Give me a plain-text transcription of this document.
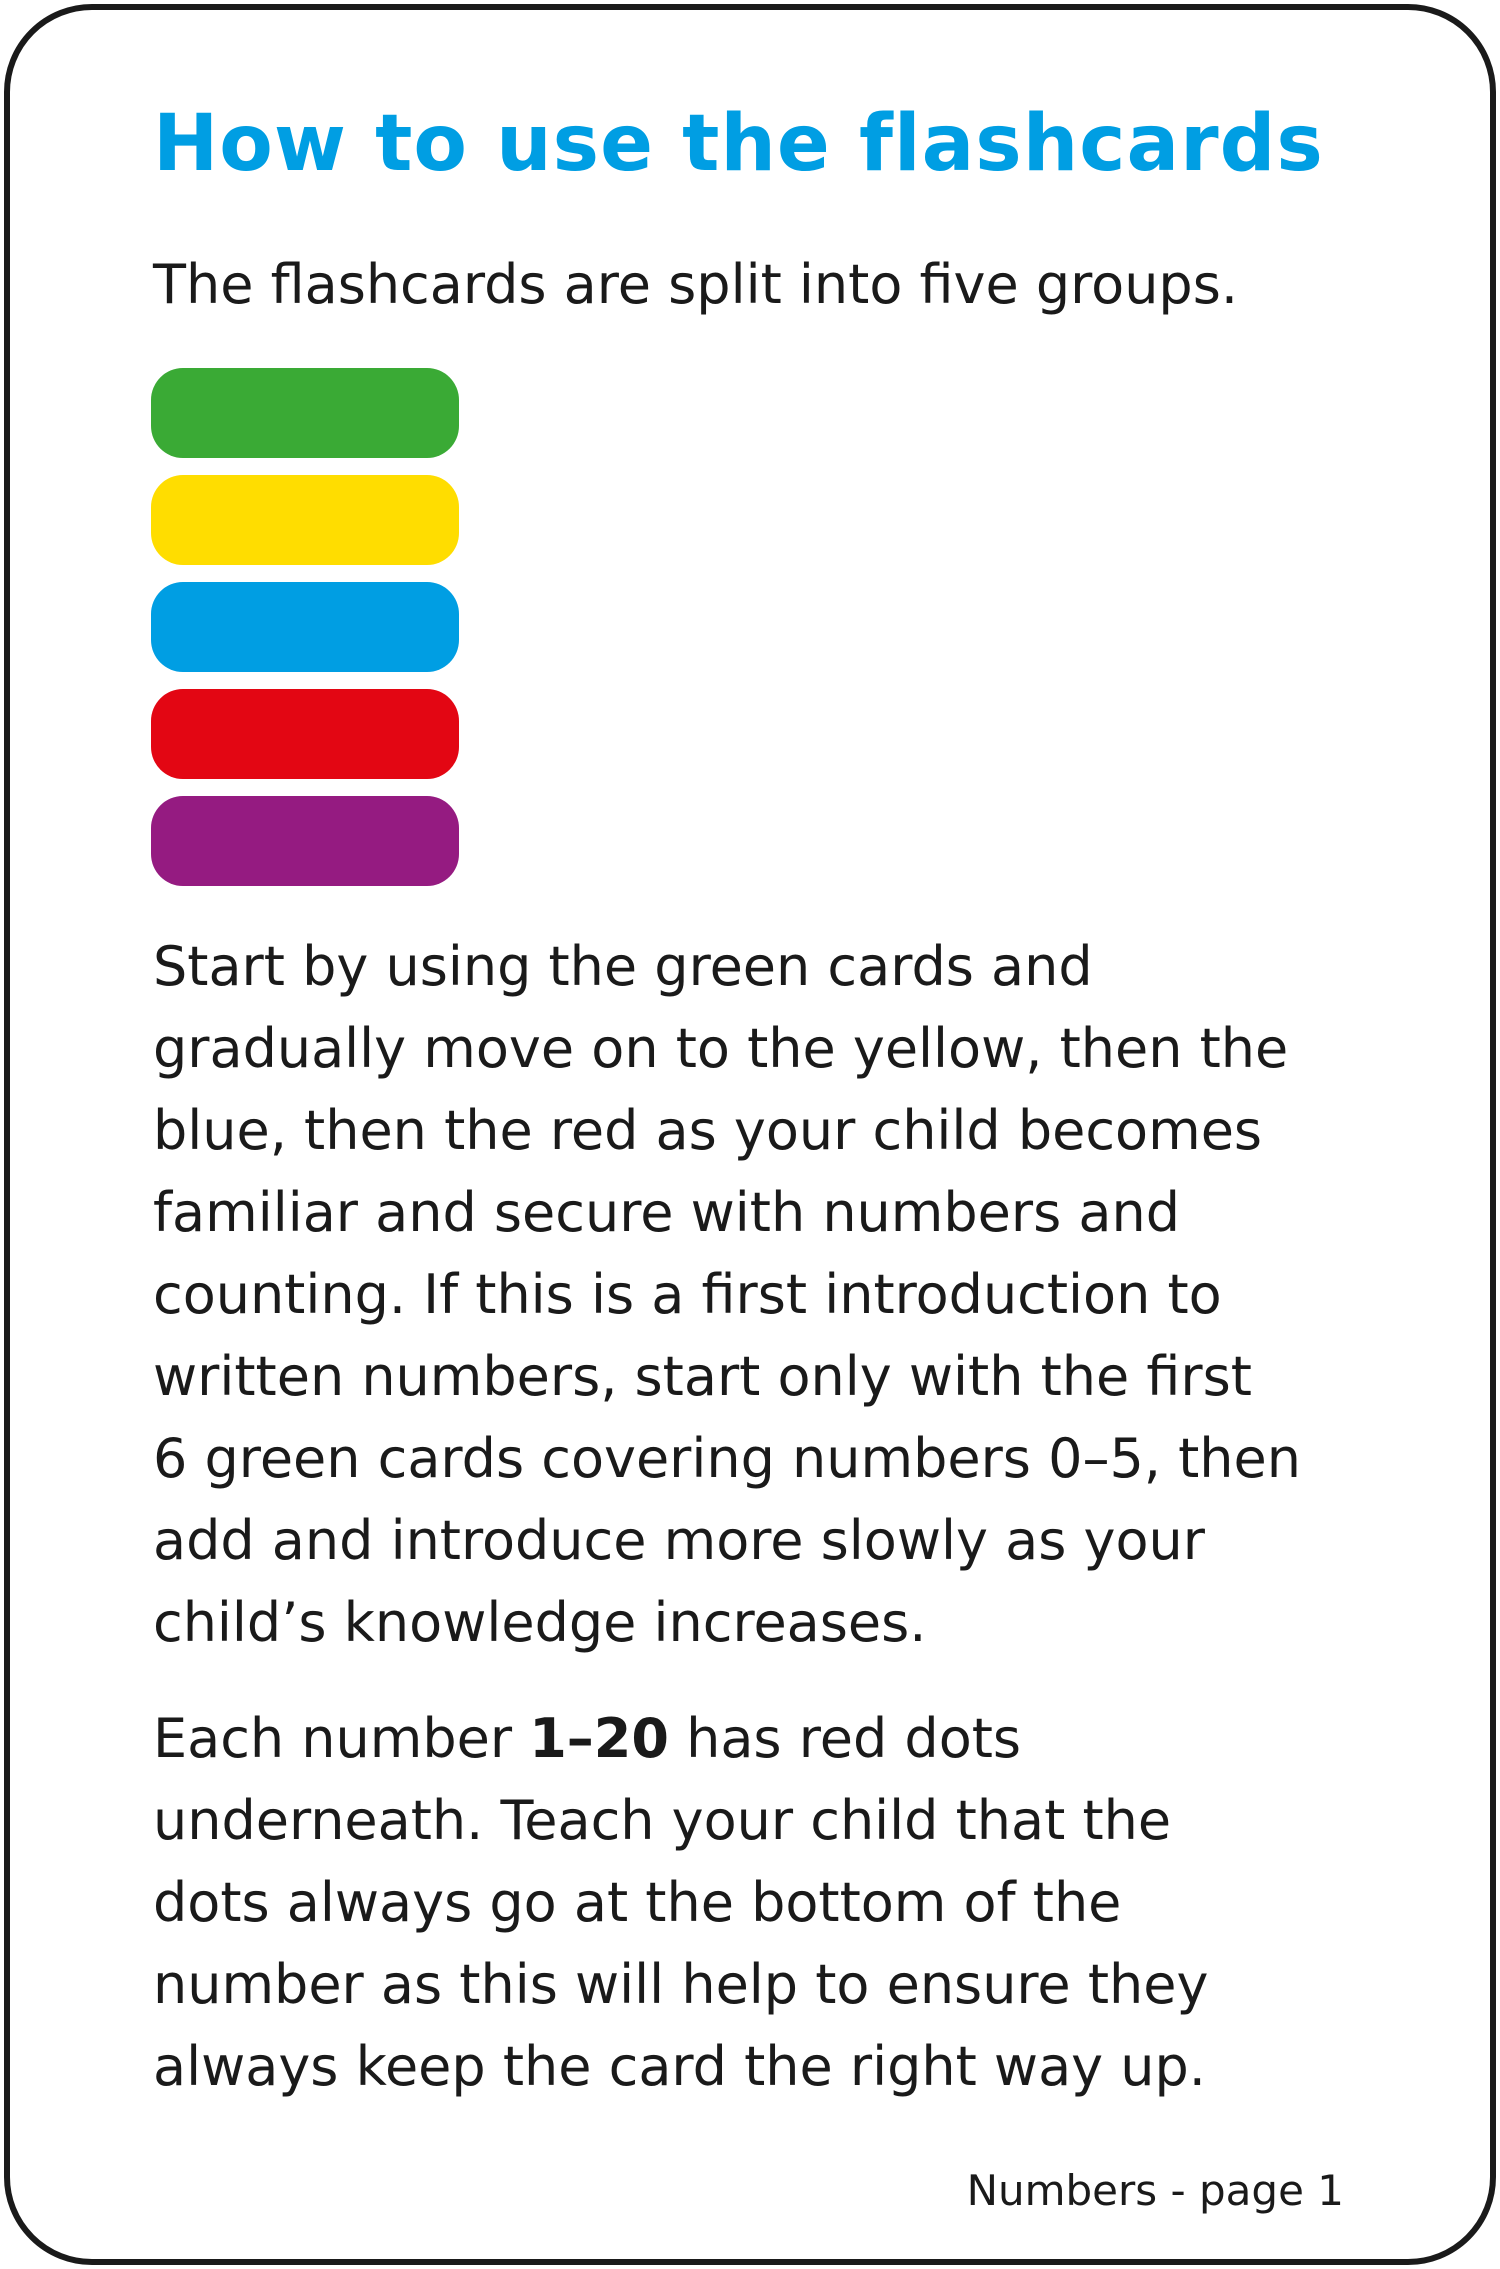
How to use the flashcards

The flashcards are split into five groups.

Start by using the green cards and
gradually move on to the yellow, then the
blue, then the red as your child becomes
familiar and secure with numbers and
counting. If this is a first introduction to
written numbers, start only with the first
6 green cards covering numbers 0–5, then
add and introduce more slowly as your
child’s knowledge increases.

Each number 1–20 has red dots
underneath. Teach your child that the
dots always go at the bottom of the
number as this will help to ensure they
always keep the card the right way up.

Numbers - page 1
